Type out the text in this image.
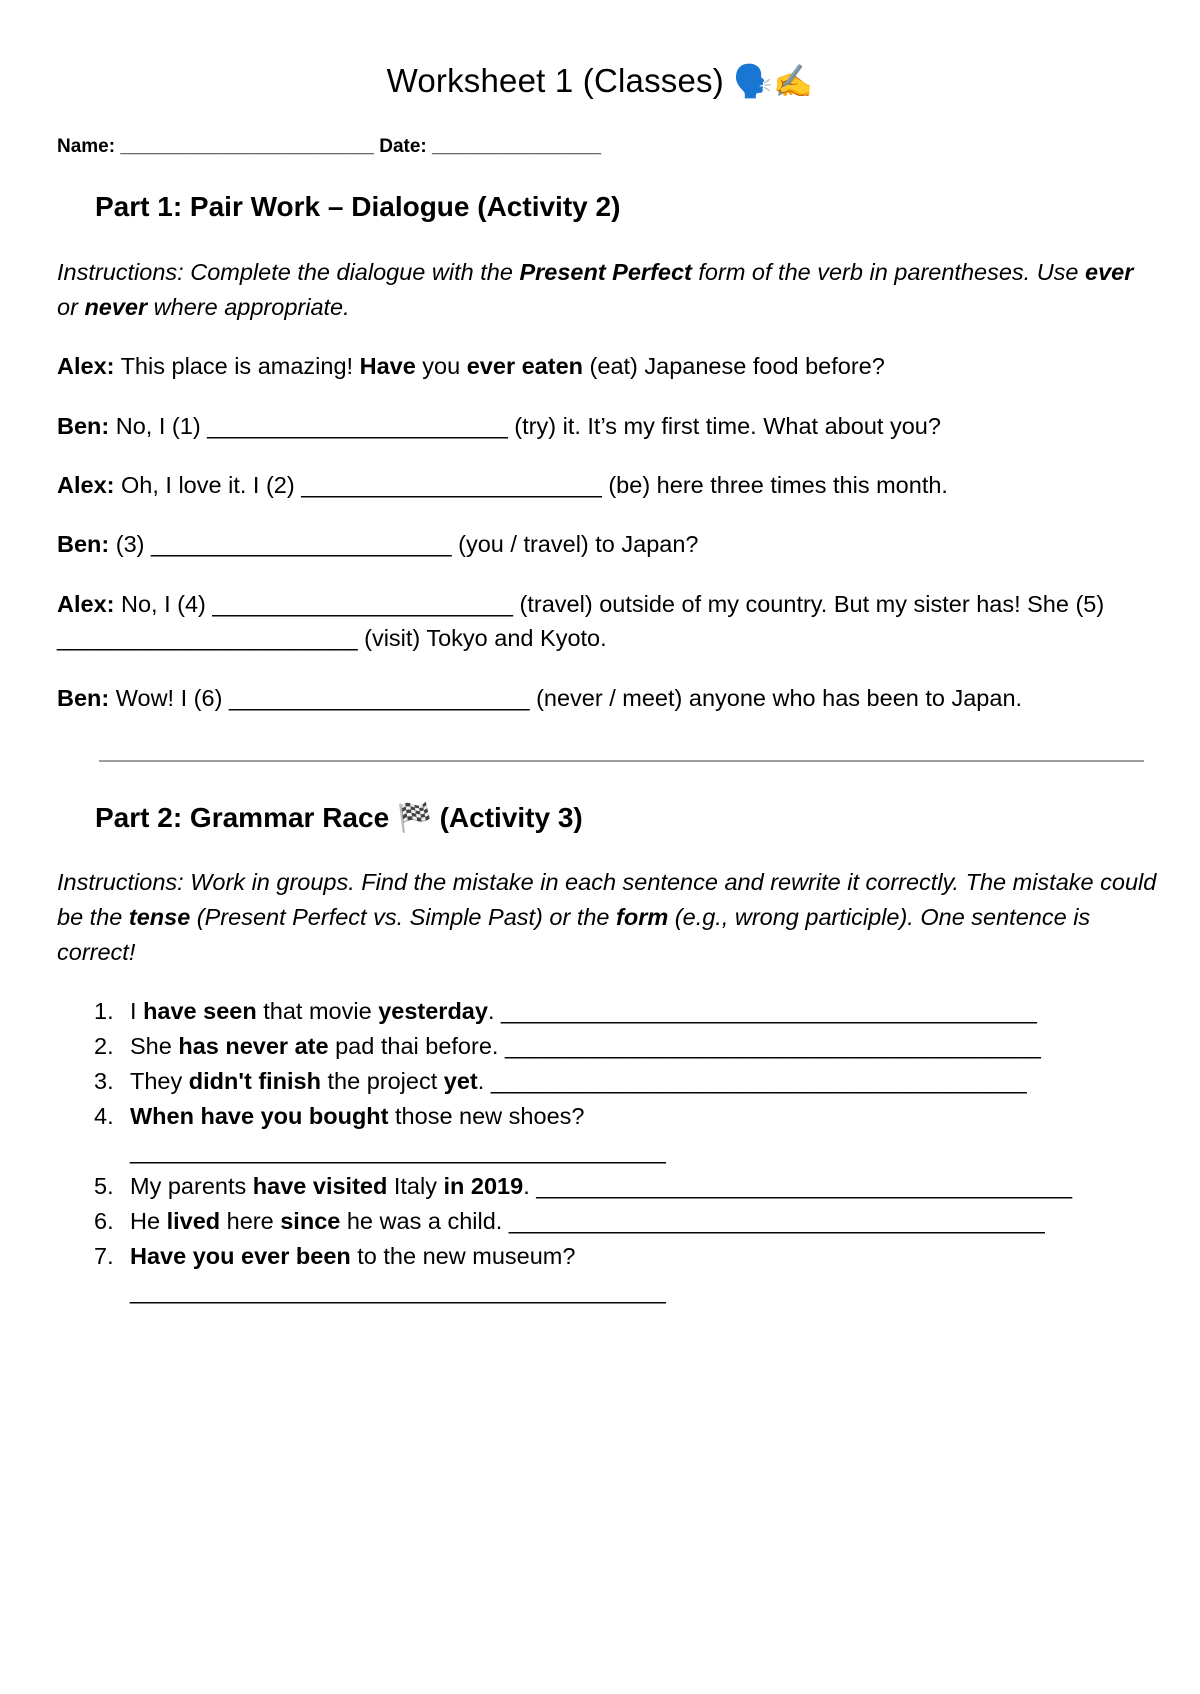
Worksheet 1 (Classes) 🗣️✍️
Name: ________________________ Date: ________________
Part 1: Pair Work – Dialogue (Activity 2)
Instructions: Complete the dialogue with the Present Perfect form of the verb in parentheses. Use ever or never where appropriate.
Alex: This place is amazing! Have you ever eaten (eat) Japanese food before?
Ben: No, I (1) _______________________ (try) it. It’s my first time. What about you?
Alex: Oh, I love it. I (2) _______________________ (be) here three times this month.
Ben: (3) _______________________ (you / travel) to Japan?
Alex: No, I (4) _______________________ (travel) outside of my country. But my sister has! She (5) _______________________ (visit) Tokyo and Kyoto.
Ben: Wow! I (6) _______________________ (never / meet) anyone who has been to Japan.
Part 2: Grammar Race 🏁 (Activity 3)
Instructions: Work in groups. Find the mistake in each sentence and rewrite it correctly. The mistake could be the tense (Present Perfect vs. Simple Past) or the form (e.g., wrong participle). One sentence is correct!
1. I have seen that movie yesterday. _________________________________________
2. She has never ate pad thai before. _________________________________________
3. They didn't finish the project yet. _________________________________________
4. When have you bought those new shoes?
_________________________________________
5. My parents have visited Italy in 2019. _________________________________________
6. He lived here since he was a child. _________________________________________
7. Have you ever been to the new museum?
_________________________________________
